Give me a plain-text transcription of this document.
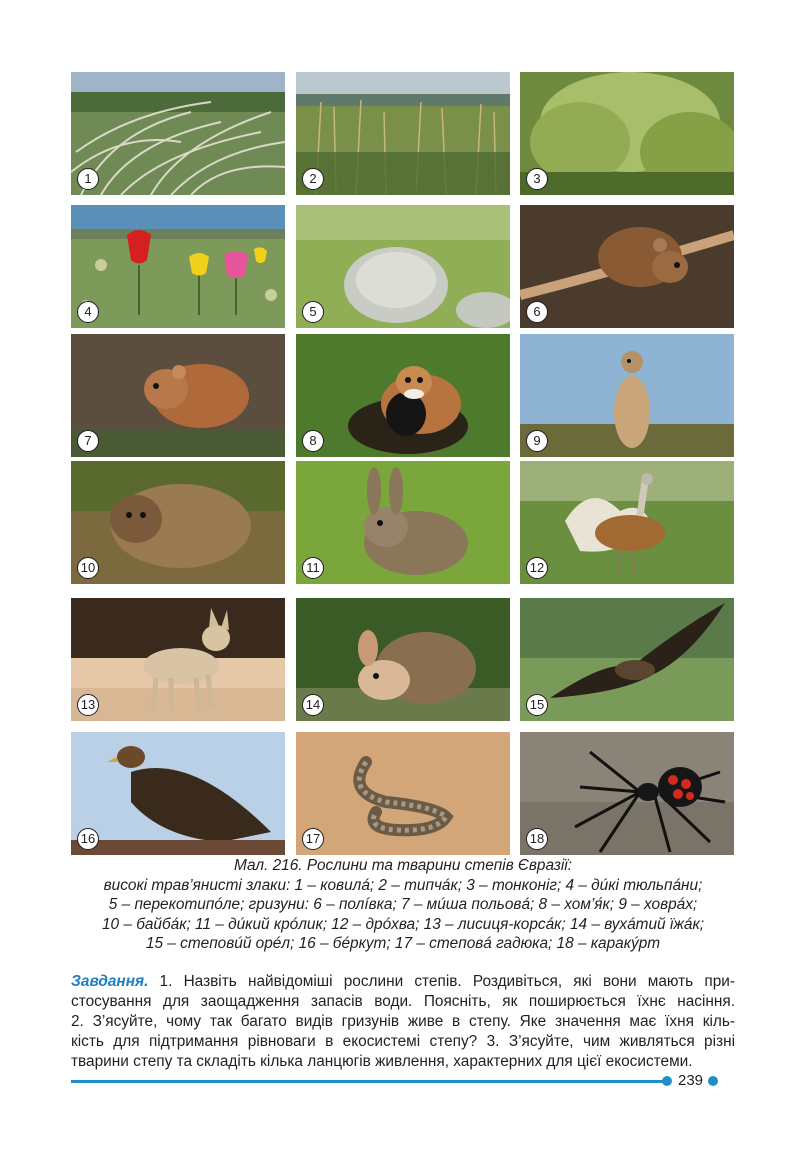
1	2	3
4	5	6
7	8	9
10	11	12
13	14	15
16	17	18
Мал. 216. Рослини та тварини степів Євразії:
високі трав’янисті злаки: 1 – ковилá; 2 – типчáк; 3 – тонконіг; 4 – дúкі тюльпáни;
5 – перекотипóле; гризуни: 6 – полíвка; 7 – мúша польовá; 8 – хом’я́к; 9 – ховрáх;
10 – байбáк; 11 – дúкий крóлик; 12 – дрóхва; 13 – лисиця-корсáк; 14 – вухáтий їжáк;
15 – степовúй орéл; 16 – бéркут; 17 – степовá гадюка; 18 – каракýрт
Завдання. 1. Назвіть найвідоміші рослини степів. Роздивіться, які вони мають при-
стосування для заощадження запасів води. Поясніть, як поширюється їхнє насіння.
2. З’ясуйте, чому так багато видів гризунів живе в степу. Яке значення має їхня кіль-
кість для підтримання рівноваги в екосистемі степу? 3. З’ясуйте, чим живляться різні
тварини степу та складіть кілька ланцюгів живлення, характерних для цієї екосистеми.
239
